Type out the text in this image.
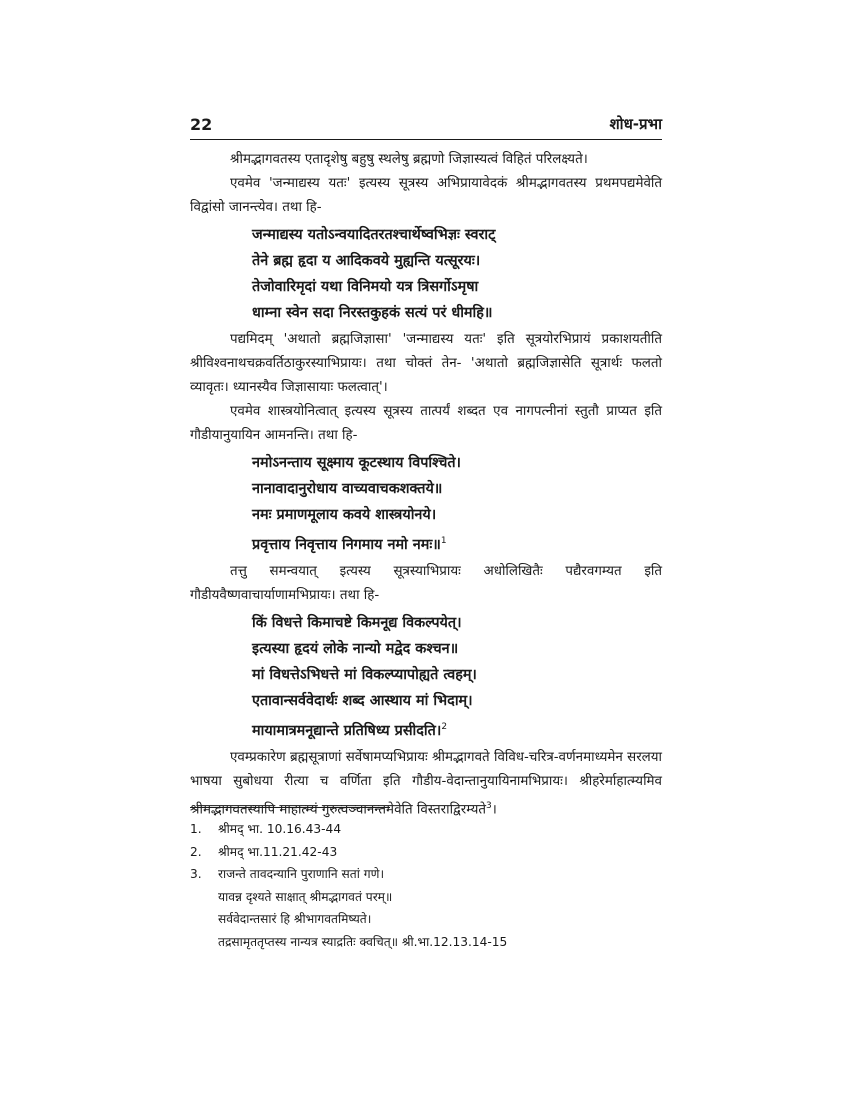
22	शोध-प्रभा

श्रीमद्भागवतस्य एतादृशेषु बहुषु स्थलेषु ब्रह्मणो जिज्ञास्यत्वं विहितं परिलक्ष्यते।

एवमेव 'जन्माद्यस्य यतः' इत्यस्य सूत्रस्य अभिप्रायावेदकं श्रीमद्भागवतस्य प्रथमपद्यमेवेति विद्वांसो जानन्त्येव। तथा हि-

जन्माद्यस्य यतोऽन्वयादितरतश्चार्थेष्वभिज्ञः स्वराट्
तेने ब्रह्म हृदा य आदिकवये मुह्यन्ति यत्सूरयः।
तेजोवारिमृदां यथा विनिमयो यत्र त्रिसर्गोऽमृषा
धाम्ना स्वेन सदा निरस्तकुहकं सत्यं परं धीमहि॥

पद्यमिदम् 'अथातो ब्रह्मजिज्ञासा' 'जन्माद्यस्य यतः' इति सूत्रयोरभिप्रायं प्रकाशयतीति श्रीविश्वनाथचक्रवर्तिठाकुरस्याभिप्रायः। तथा चोक्तं तेन- 'अथातो ब्रह्मजिज्ञासेति सूत्रार्थः फलतो व्यावृतः। ध्यानस्यैव जिज्ञासायाः फलत्वात्'।

एवमेव शास्त्रयोनित्वात् इत्यस्य सूत्रस्य तात्पर्यं शब्दत एव नागपत्नीनां स्तुतौ प्राप्यत इति गौडीयानुयायिन आमनन्ति। तथा हि-

नमोऽनन्ताय सूक्ष्माय कूटस्थाय विपश्चिते।
नानावादानुरोधाय वाच्यवाचकशक्तये॥
नमः प्रमाणमूलाय कवये शास्त्रयोनये।
प्रवृत्ताय निवृत्ताय निगमाय नमो नमः॥$^1$

तत्तु समन्वयात् इत्यस्य सूत्रस्याभिप्रायः अधोलिखितैः पद्यैरवगम्यत इति गौडीयवैष्णवाचार्याणामभिप्रायः। तथा हि-

किं विधत्ते किमाचष्टे किमनूद्य विकल्पयेत्।
इत्यस्या हृदयं लोके नान्यो मद्वेद कश्चन॥
मां विधत्तेऽभिधत्ते मां विकल्प्यापोह्यते त्वहम्।
एतावान्सर्ववेदार्थः शब्द आस्थाय मां भिदाम्।
मायामात्रमनूद्यान्ते प्रतिषिध्य प्रसीदति।$^2$

एवम्प्रकारेण ब्रह्मसूत्राणां सर्वेषामप्यभिप्रायः श्रीमद्भागवते विविध-चरित्र-वर्णनमाध्यमेन सरलया भाषया सुबोधया रीत्या च वर्णिता इति गौडीय-वेदान्तानुयायिनामभिप्रायः। श्रीहरेर्माहात्म्यमिव श्रीमद्भागवतस्यापि माहात्म्यं गुरुत्वञ्चानन्तमेवेति विस्तराद्विरम्यते$^3$।

1.	श्रीमद् भा. 10.16.43-44
2.	श्रीमद् भा.11.21.42-43
3.	राजन्ते तावदन्यानि पुराणानि सतां गणे।
यावन्न दृश्यते साक्षात् श्रीमद्भागवतं परम्॥
सर्ववेदान्तसारं हि श्रीभागवतमिष्यते।
तद्रसामृततृप्तस्य नान्यत्र स्याद्रतिः क्वचित्॥ श्री.भा.12.13.14-15
